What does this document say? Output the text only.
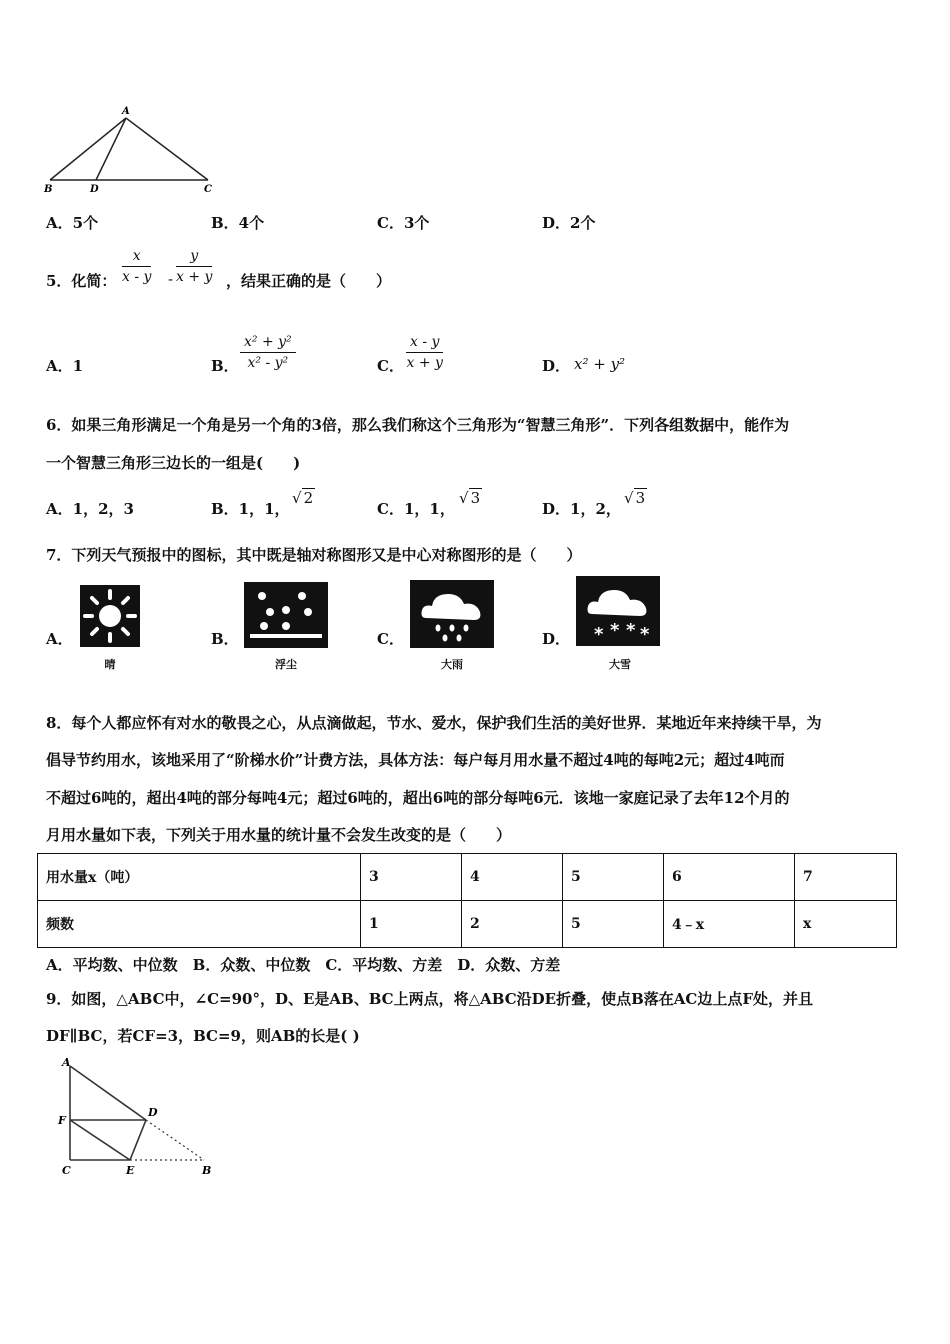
A
B	D	C
A．5个	B．4个	C．3个	D．2个
5．化简： $\frac{x}{x - y} - \frac{y}{x + y}$ ，结果正确的是（　　）
A．1	B． $\frac{\text{x² + y²}}{\text{x² - y²}}$	C． $\frac{x - y}{x + y}$	D． x² + y²
6．如果三角形满足一个角是另一个角的3倍，那么我们称这个三角形为“智慧三角形”．下列各组数据中，能作为
一个智慧三角形三边长的一组是(　　)
A．1，2，3	B．1，1，
√ 2
C．1，1，
√ 3
D．1，2，
√ 3
7．下列天气预报中的图标，其中既是轴对称图形又是中心对称图形的是（　　）
A．
晴
B．
浮尘
C．
大雨
D． * * * *
大雪
8．每个人都应怀有对水的敬畏之心，从点滴做起，节水、爱水，保护我们生活的美好世界．某地近年来持续干旱，为
倡导节约用水，该地采用了“阶梯水价”计费方法，具体方法：每户每月用水量不超过4吨的每吨2元；超过4吨而
不超过6吨的，超出4吨的部分每吨4元；超过6吨的，超出6吨的部分每吨6元．该地一家庭记录了去年12个月的
月用水量如下表，下列关于用水量的统计量不会发生改变的是（　　）
用水量x（吨）	3	4	5	6	7
频数	1	2	5	4﹣x	x
A．平均数、中位数　B．众数、中位数　C．平均数、方差　D．众数、方差
9．如图，△ABC中，∠C=90°，D、E是AB、BC上两点，将△ABC沿DE折叠，使点B落在AC边上点F处，并且
DF∥BC，若CF=3，BC=9，则AB的长是( )
A
D
F
C	E	B
